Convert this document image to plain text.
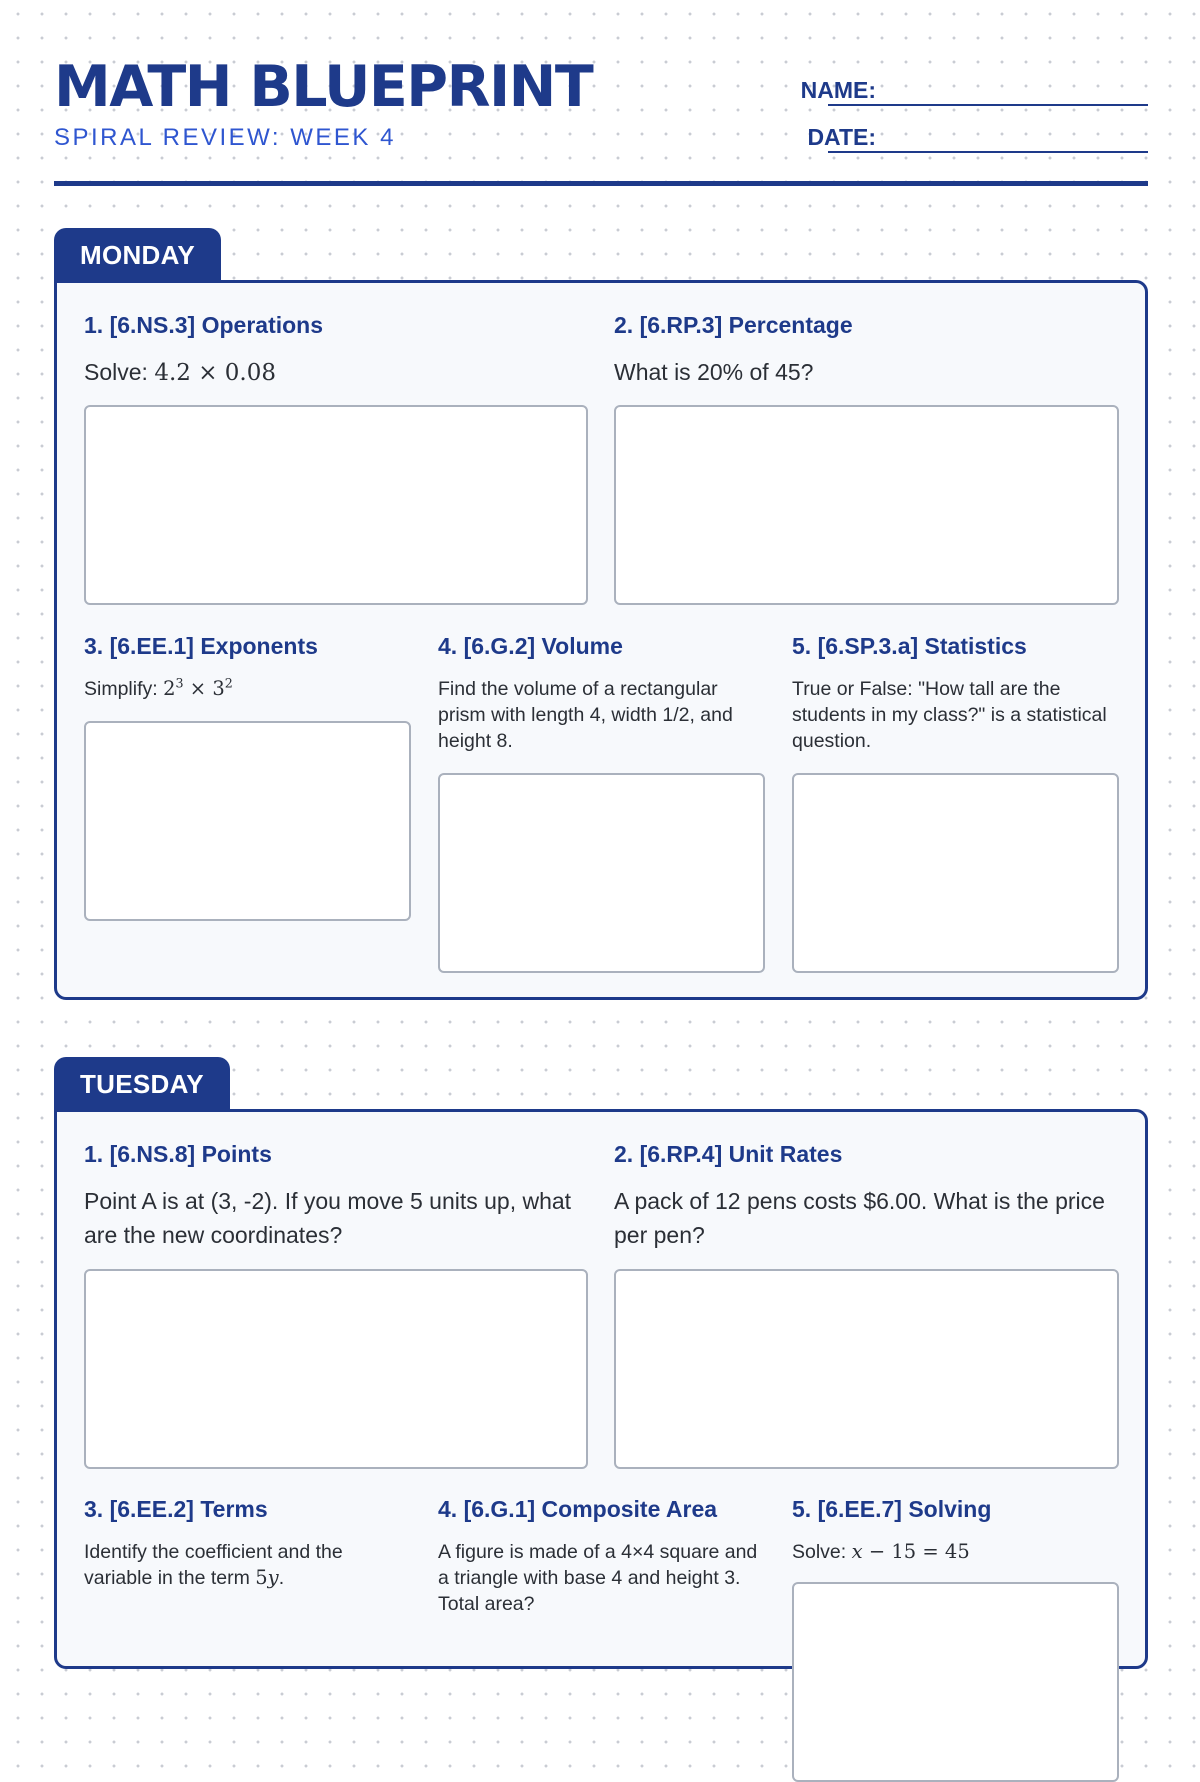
MATH BLUEPRINT
SPIRAL REVIEW: WEEK 4
NAME:
DATE:
MONDAY
1. [6.NS.3] Operations
Solve: 4.2 × 0.08
2. [6.RP.3] Percentage
What is 20% of 45?
3. [6.EE.1] Exponents
Simplify: $2^3 \times 3^2$
4. [6.G.2] Volume
Find the volume of a rectangular prism with length 4, width 1/2, and height 8.
5. [6.SP.3.a] Statistics
True or False: "How tall are the students in my class?" is a statistical question.
TUESDAY
1. [6.NS.8] Points
Point A is at (3, -2). If you move 5 units up, what are the new coordinates?
2. [6.RP.4] Unit Rates
A pack of 12 pens costs $6.00. What is the price per pen?
3. [6.EE.2] Terms
Identify the coefficient and the variable in the term 5y.
4. [6.G.1] Composite Area
A figure is made of a 4×4 square and a triangle with base 4 and height 3. Total area?
5. [6.EE.7] Solving
Solve: x − 15 = 45
